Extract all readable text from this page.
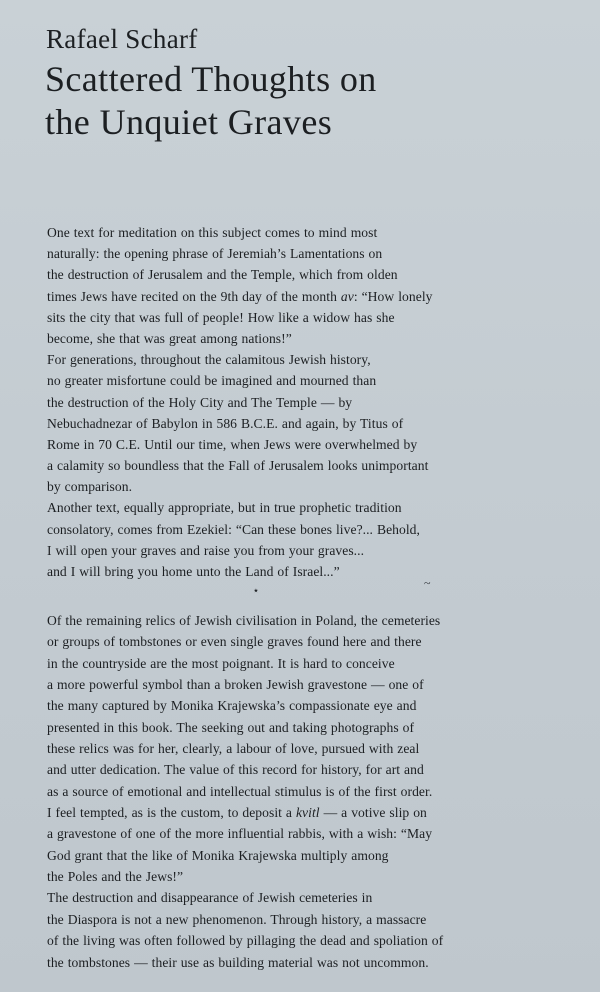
Rafael Scharf
Scattered Thoughts on
the Unquiet Graves
One text for meditation on this subject comes to mind most
naturally: the opening phrase of Jeremiah’s Lamentations on
the destruction of Jerusalem and the Temple, which from olden
times Jews have recited on the 9th day of the month av: “How lonely
sits the city that was full of people! How like a widow has she
become, she that was great among nations!”
For generations, throughout the calamitous Jewish history,
no greater misfortune could be imagined and mourned than
the destruction of the Holy City and The Temple — by
Nebuchadnezar of Babylon in 586 B.C.E. and again, by Titus of
Rome in 70 C.E. Until our time, when Jews were overwhelmed by
a calamity so boundless that the Fall of Jerusalem looks unimportant
by comparison.
Another text, equally appropriate, but in true prophetic tradition
consolatory, comes from Ezekiel: “Can these bones live?... Behold,
I will open your graves and raise you from your graves...
and I will bring you home unto the Land of Israel...”
⋆
~
Of the remaining relics of Jewish civilisation in Poland, the cemeteries
or groups of tombstones or even single graves found here and there
in the countryside are the most poignant. It is hard to conceive
a more powerful symbol than a broken Jewish gravestone — one of
the many captured by Monika Krajewska’s compassionate eye and
presented in this book. The seeking out and taking photographs of
these relics was for her, clearly, a labour of love, pursued with zeal
and utter dedication. The value of this record for history, for art and
as a source of emotional and intellectual stimulus is of the first order.
I feel tempted, as is the custom, to deposit a kvitl — a votive slip on
a gravestone of one of the more influential rabbis, with a wish: “May
God grant that the like of Monika Krajewska multiply among
the Poles and the Jews!”
The destruction and disappearance of Jewish cemeteries in
the Diaspora is not a new phenomenon. Through history, a massacre
of the living was often followed by pillaging the dead and spoliation of
the tombstones — their use as building material was not uncommon.
